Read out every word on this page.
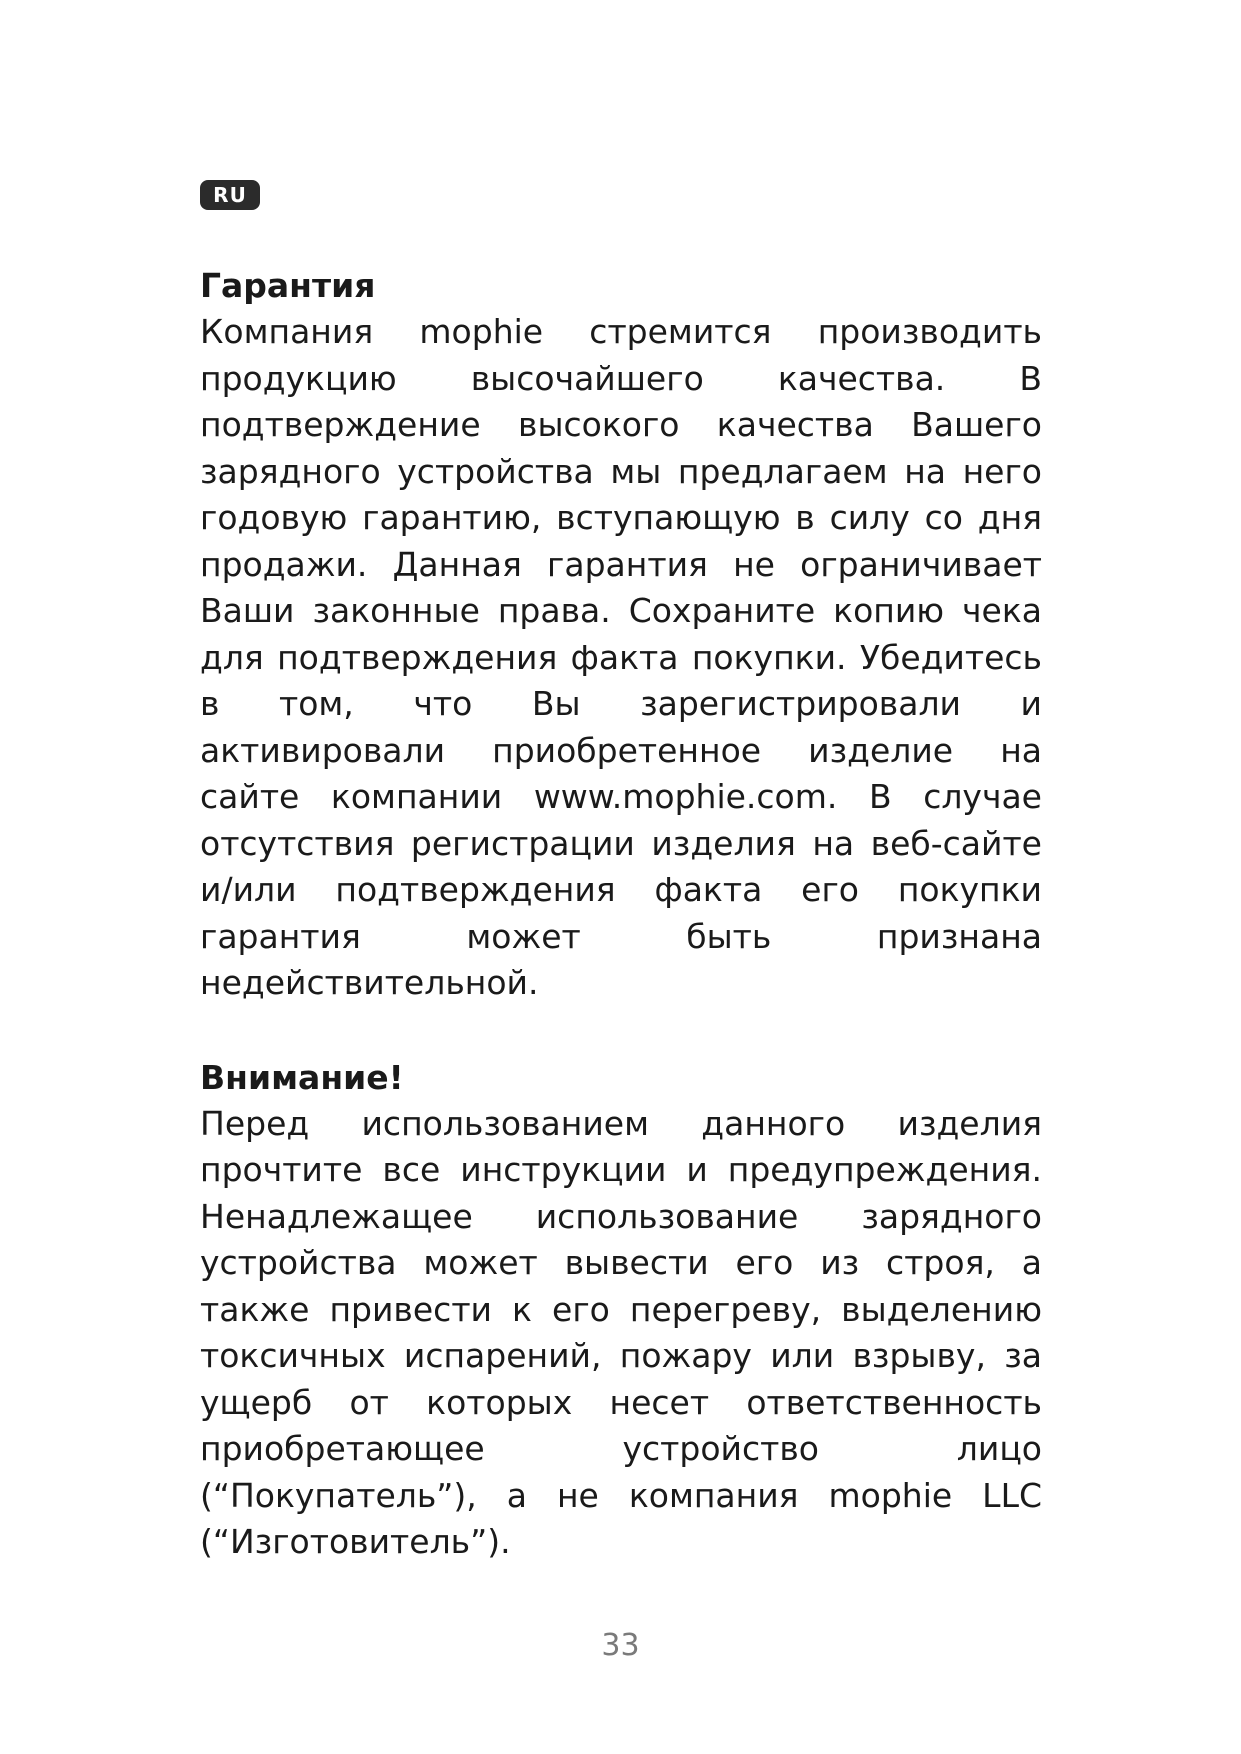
RU
Гарантия

Компания mophie стремится производить продукцию высочайшего качества. В подтверждение высокого качества Вашего зарядного устройства мы предлагаем на него годовую гарантию, вступающую в силу со дня продажи. Данная гарантия не ограничивает Ваши законные права. Сохраните копию чека для подтверждения факта покупки. Убедитесь в том, что Вы зарегистрировали и активировали приобретенное изделие на сайте компании www.mophie.com. В случае отсутствия регистрации изделия на веб-сайте и/или подтверждения факта его покупки гарантия может быть признана недействительной.

Внимание!

Перед использованием данного изделия прочтите все инструкции и предупреждения. Ненадлежащее использование зарядного устройства может вывести его из строя, а также привести к его перегреву, выделению токсичных испарений, пожару или взрыву, за ущерб от которых несет ответственность приобретающее устройство лицо (“Покупатель”), а не компания mophie LLC (“Изготовитель”).

33
